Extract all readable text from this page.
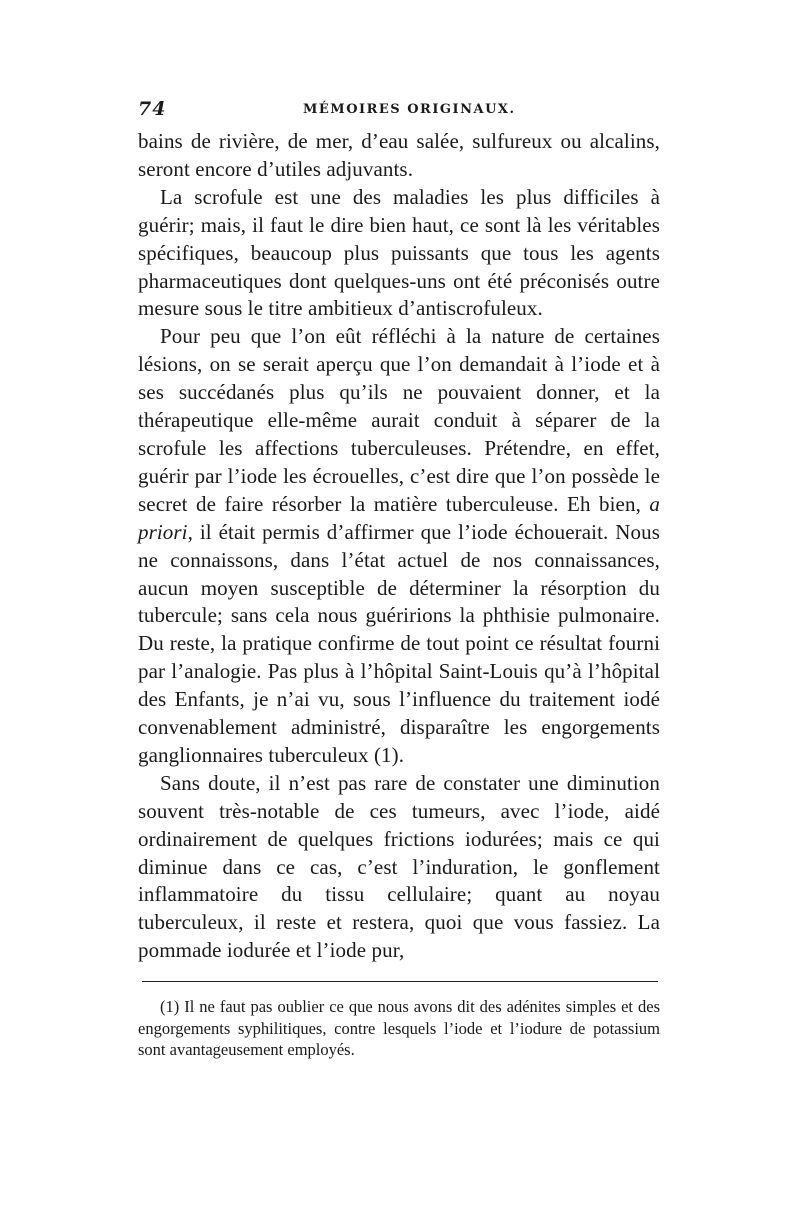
74	MÉMOIRES ORIGINAUX.

bains de rivière, de mer, d’eau salée, sulfureux ou alcalins, seront encore d’utiles adjuvants.

La scrofule est une des maladies les plus difficiles à guérir; mais, il faut le dire bien haut, ce sont là les véritables spécifiques, beaucoup plus puissants que tous les agents pharmaceutiques dont quelques-uns ont été préconisés outre mesure sous le titre ambitieux d’antiscrofuleux.

Pour peu que l’on eût réfléchi à la nature de certaines lésions, on se serait aperçu que l’on demandait à l’iode et à ses succédanés plus qu’ils ne pouvaient donner, et la thérapeutique elle-même aurait conduit à séparer de la scrofule les affections tuberculeuses. Prétendre, en effet, guérir par l’iode les écrouelles, c’est dire que l’on possède le secret de faire résorber la matière tuberculeuse. Eh bien, a priori, il était permis d’affirmer que l’iode échouerait. Nous ne connaissons, dans l’état actuel de nos connaissances, aucun moyen susceptible de déterminer la résorption du tubercule; sans cela nous guéririons la phthisie pulmonaire. Du reste, la pratique confirme de tout point ce résultat fourni par l’analogie. Pas plus à l’hôpital Saint-Louis qu’à l’hôpital des Enfants, je n’ai vu, sous l’influence du traitement iodé convenablement administré, disparaître les engorgements ganglionnaires tuberculeux (1).

Sans doute, il n’est pas rare de constater une diminution souvent très-notable de ces tumeurs, avec l’iode, aidé ordinairement de quelques frictions iodurées; mais ce qui diminue dans ce cas, c’est l’induration, le gonflement inflammatoire du tissu cellulaire; quant au noyau tuberculeux, il reste et restera, quoi que vous fassiez. La pommade iodurée et l’iode pur,

(1) Il ne faut pas oublier ce que nous avons dit des adénites simples et des engorgements syphilitiques, contre lesquels l’iode et l’iodure de potassium sont avantageusement employés.
